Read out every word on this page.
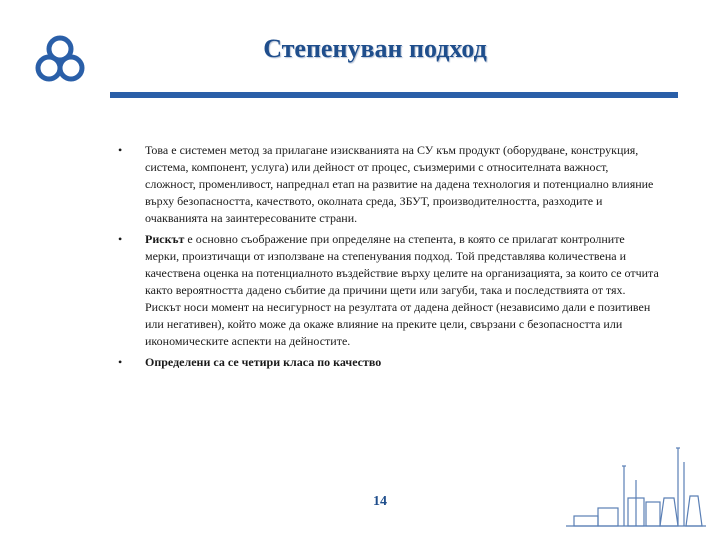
Степенуван подход
•	Това е системен метод за прилагане изискванията на СУ към продукт (оборудване, конструкция, система, компонент, услуга) или дейност от процес, съизмерими с относителната важност, сложност, променливост, напреднал етап на развитие на дадена технология и потенциално влияние върху безопасността, качеството, околната среда, ЗБУТ, производителността, разходите и очакванията на заинтересованите страни.
•	Рискът е основно съображение при определяне на степента, в която се прилагат контролните мерки, произтичащи от използване на степенувания подход. Той представлява количествена и качествена оценка на потенциалното въздействие върху целите на организацията, за които се отчита както вероятността дадено събитие да причини щети или загуби, така и последствията от тях. Рискът носи момент на несигурност на резултата от дадена дейност (независимо дали е позитивен или негативен), който може да окаже влияние на преките цели, свързани с безопасността или икономическите аспекти на дейностите.
•	Определени са се четири класа по качество
14
